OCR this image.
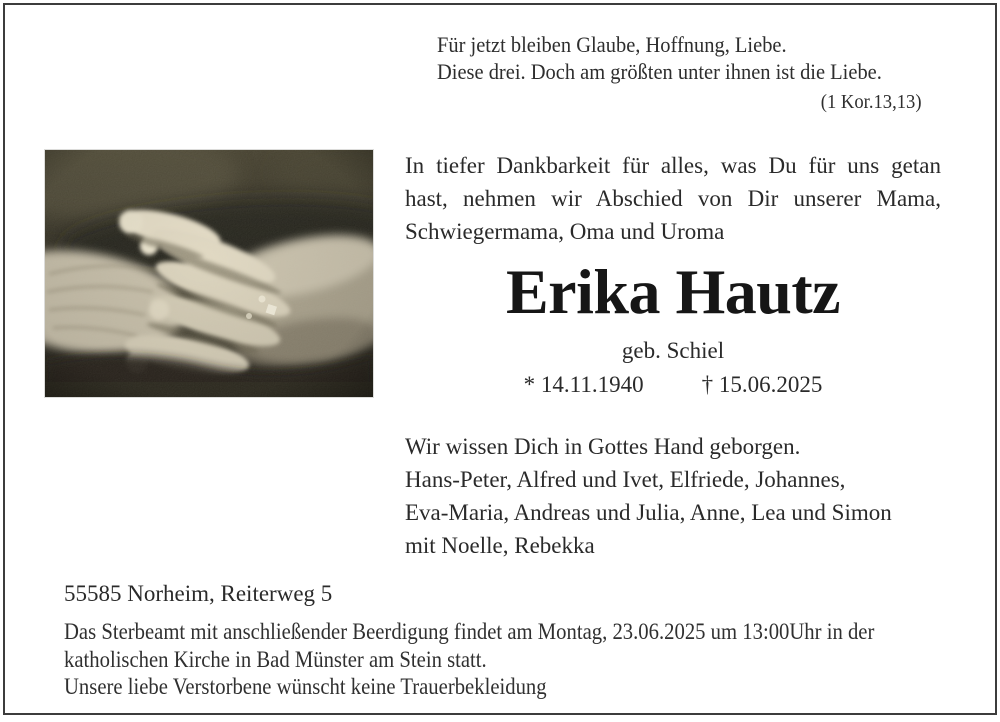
Für jetzt bleiben Glaube, Hoffnung, Liebe.
Diese drei. Doch am größten unter ihnen ist die Liebe.
(1 Kor.13,13)
In tiefer Dankbarkeit für alles, was Du für uns getan
hast, nehmen wir Abschied von Dir unserer Mama,
Schwiegermama, Oma und Uroma
Erika Hautz
geb. Schiel
* 14.11.1940	† 15.06.2025
Wir wissen Dich in Gottes Hand geborgen.
Hans-Peter, Alfred und Ivet, Elfriede, Johannes,
Eva-Maria, Andreas und Julia, Anne, Lea und Simon
mit Noelle, Rebekka
55585 Norheim, Reiterweg 5
Das Sterbeamt mit anschließender Beerdigung findet am Montag, 23.06.2025 um 13:00Uhr in der
katholischen Kirche in Bad Münster am Stein statt.
Unsere liebe Verstorbene wünscht keine Trauerbekleidung
